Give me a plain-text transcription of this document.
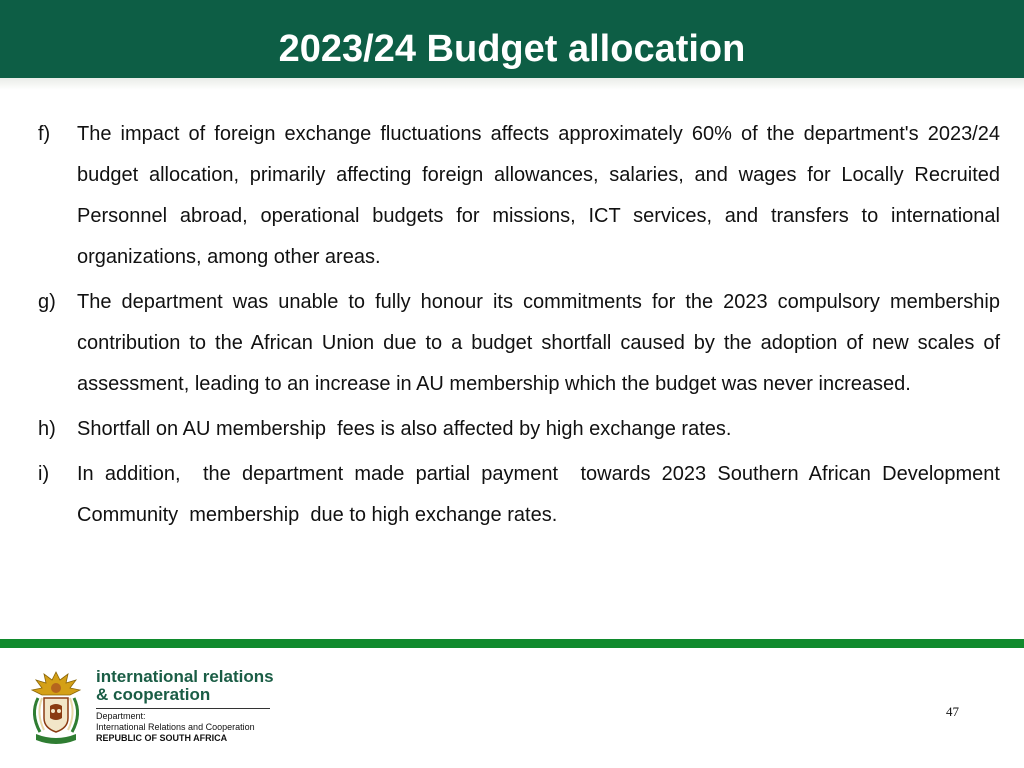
2023/24 Budget allocation
f) The impact of foreign exchange fluctuations affects approximately 60% of the department's 2023/24 budget allocation, primarily affecting foreign allowances, salaries, and wages for Locally Recruited Personnel abroad, operational budgets for missions, ICT services, and transfers to international organizations, among other areas.
g) The department was unable to fully honour its commitments for the 2023 compulsory membership contribution to the African Union due to a budget shortfall caused by the adoption of new scales of assessment, leading to an increase in AU membership which the budget was never increased.
h) Shortfall on AU membership  fees is also affected by high exchange rates.
i) In addition,  the department made partial payment  towards 2023 Southern African Development Community  membership  due to high exchange rates.
international relations
& cooperation
Department:
International Relations and Cooperation
REPUBLIC OF SOUTH AFRICA
47
